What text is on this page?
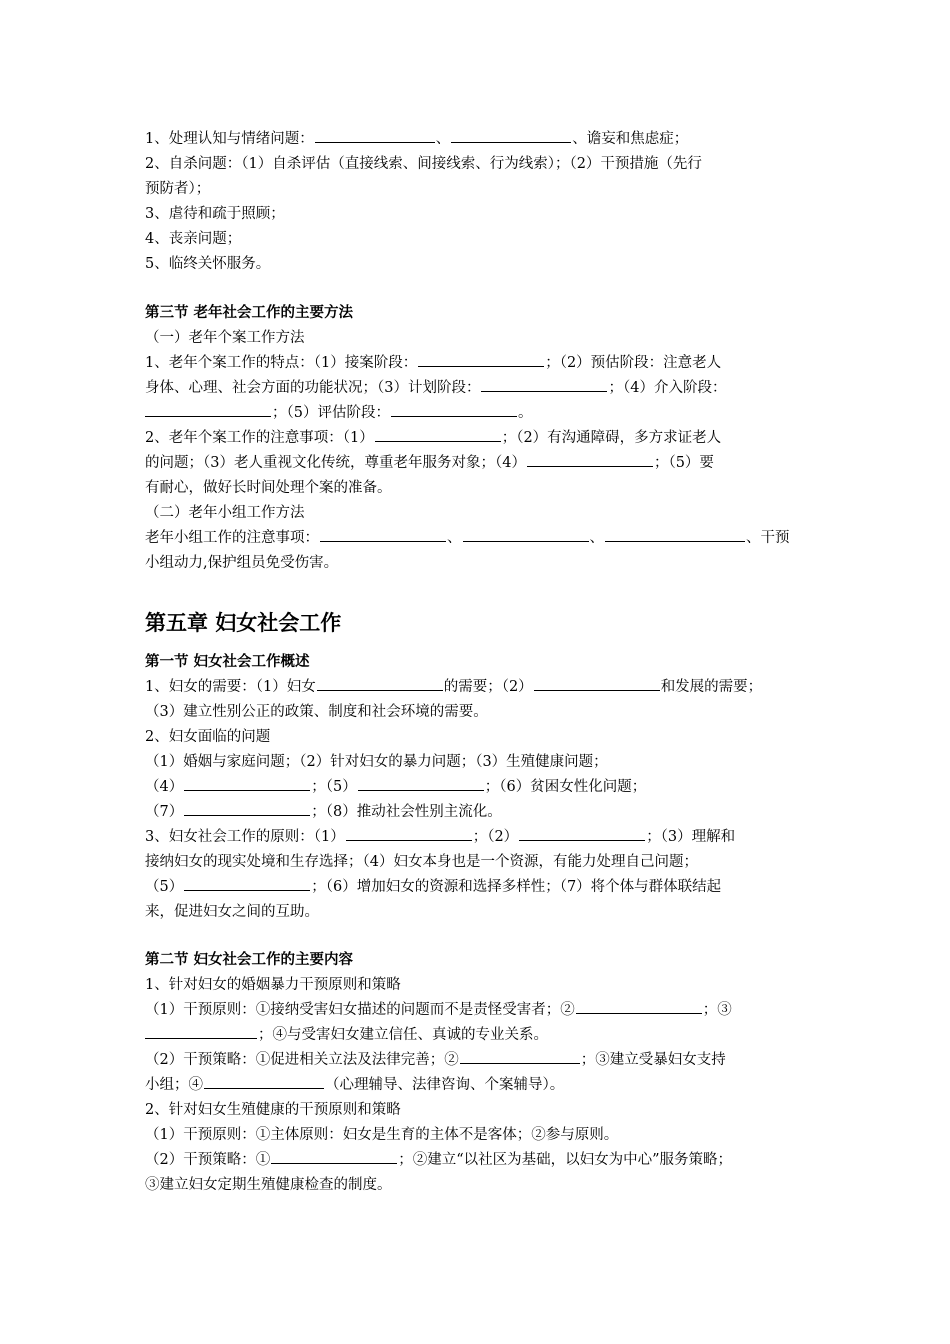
1、处理认知与情绪问题：	、	、谵妄和焦虑症；

2、自杀问题：（1）自杀评估（直接线索、间接线索、行为线索）；（2）干预措施（先行

预防者）；

3、虐待和疏于照顾；

4、丧亲问题；

5、临终关怀服务。

第三节 老年社会工作的主要方法

（一）老年个案工作方法

1、老年个案工作的特点：（1）接案阶段：	；（2）预估阶段：注意老人

身体、心理、社会方面的功能状况；（3）计划阶段：	；（4）介入阶段：

；（5）评估阶段：	。

2、老年个案工作的注意事项：（1）	；（2）有沟通障碍，多方求证老人

的问题；（3）老人重视文化传统，尊重老年服务对象；（4）	；（5）要

有耐心，做好长时间处理个案的准备。

（二）老年小组工作方法

老年小组工作的注意事项：	、	、	、干预

小组动力,保护组员免受伤害。

第五章 妇女社会工作

第一节 妇女社会工作概述

1、妇女的需要：（1）妇女	的需要；（2）	和发展的需要；

（3）建立性别公正的政策、制度和社会环境的需要。

2、妇女面临的问题

（1）婚姻与家庭问题；（2）针对妇女的暴力问题；（3）生殖健康问题；

（4）	；（5）	；（6）贫困女性化问题；

（7）	；（8）推动社会性别主流化。

3、妇女社会工作的原则：（1）	；（2）	；（3）理解和

接纳妇女的现实处境和生存选择；（4）妇女本身也是一个资源，有能力处理自己问题；

（5）	；（6）增加妇女的资源和选择多样性；（7）将个体与群体联结起

来，促进妇女之间的互助。

第二节 妇女社会工作的主要内容

1、针对妇女的婚姻暴力干预原则和策略

（1）干预原则：①接纳受害妇女描述的问题而不是责怪受害者；②	；③

；④与受害妇女建立信任、真诚的专业关系。

（2）干预策略：①促进相关立法及法律完善；②	；③建立受暴妇女支持

小组；④	（心理辅导、法律咨询、个案辅导）。

2、针对妇女生殖健康的干预原则和策略

（1）干预原则：①主体原则：妇女是生育的主体不是客体；②参与原则。

（2）干预策略：①	；②建立“以社区为基础，以妇女为中心”服务策略；

③建立妇女定期生殖健康检查的制度。
